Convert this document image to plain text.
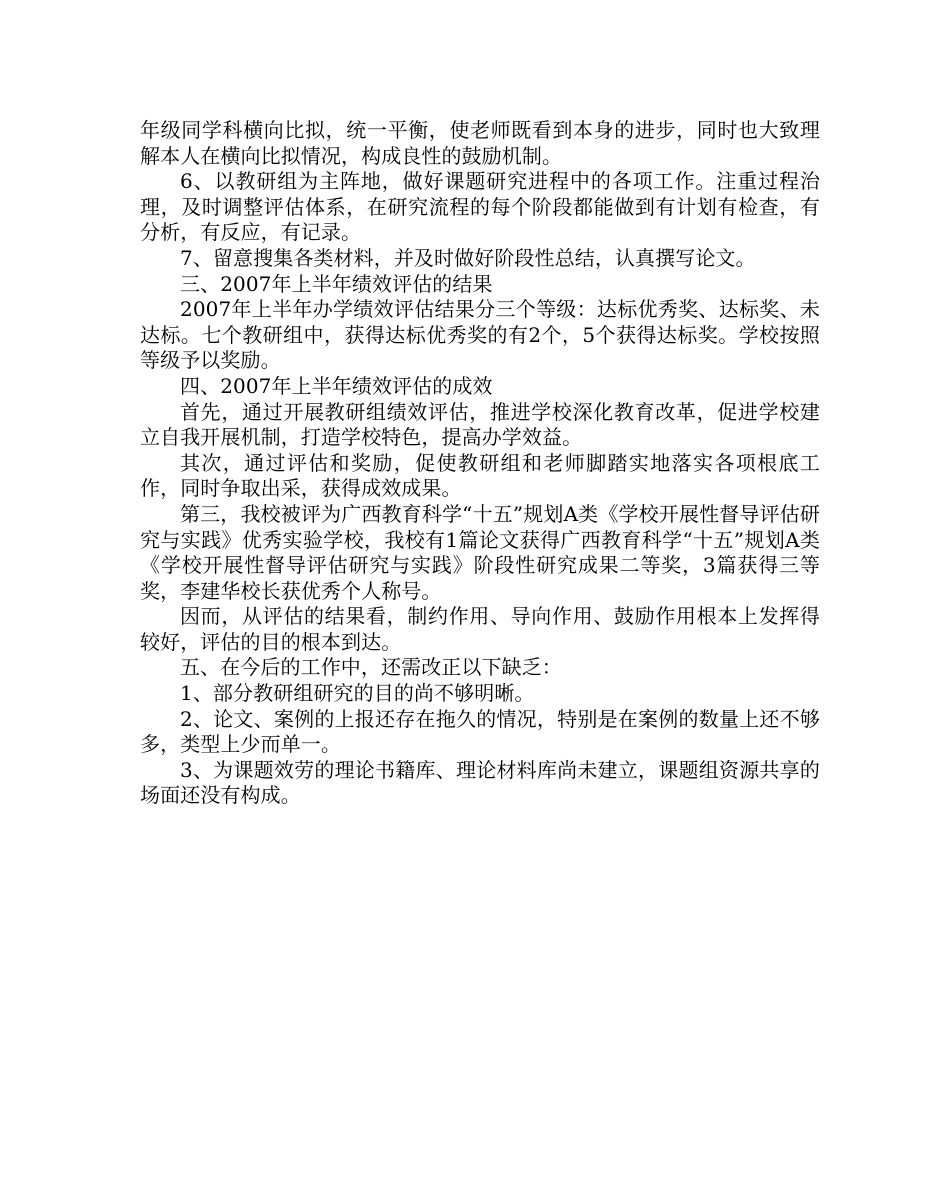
年级同学科横向比拟，统一平衡，使老师既看到本身的进步，同时也大致理解本人在横向比拟情况，构成良性的鼓励机制。

6、以教研组为主阵地，做好课题研究进程中的各项工作。注重过程治理，及时调整评估体系，在研究流程的每个阶段都能做到有计划有检查，有分析，有反应，有记录。

7、留意搜集各类材料，并及时做好阶段性总结，认真撰写论文。

三、2007年上半年绩效评估的结果

2007年上半年办学绩效评估结果分三个等级：达标优秀奖、达标奖、未达标。七个教研组中，获得达标优秀奖的有2个，5个获得达标奖。学校按照等级予以奖励。

四、2007年上半年绩效评估的成效

首先，通过开展教研组绩效评估，推进学校深化教育改革，促进学校建立自我开展机制，打造学校特色，提高办学效益。

其次，通过评估和奖励，促使教研组和老师脚踏实地落实各项根底工作，同时争取出采，获得成效成果。

第三，我校被评为广西教育科学“十五”规划A类《学校开展性督导评估研究与实践》优秀实验学校，我校有1篇论文获得广西教育科学“十五”规划A类《学校开展性督导评估研究与实践》阶段性研究成果二等奖，3篇获得三等奖，李建华校长获优秀个人称号。

因而，从评估的结果看，制约作用、导向作用、鼓励作用根本上发挥得较好，评估的目的根本到达。

五、在今后的工作中，还需改正以下缺乏：

1、部分教研组研究的目的尚不够明晰。

2、论文、案例的上报还存在拖久的情况，特别是在案例的数量上还不够多，类型上少而单一。

3、为课题效劳的理论书籍库、理论材料库尚未建立，课题组资源共享的场面还没有构成。
